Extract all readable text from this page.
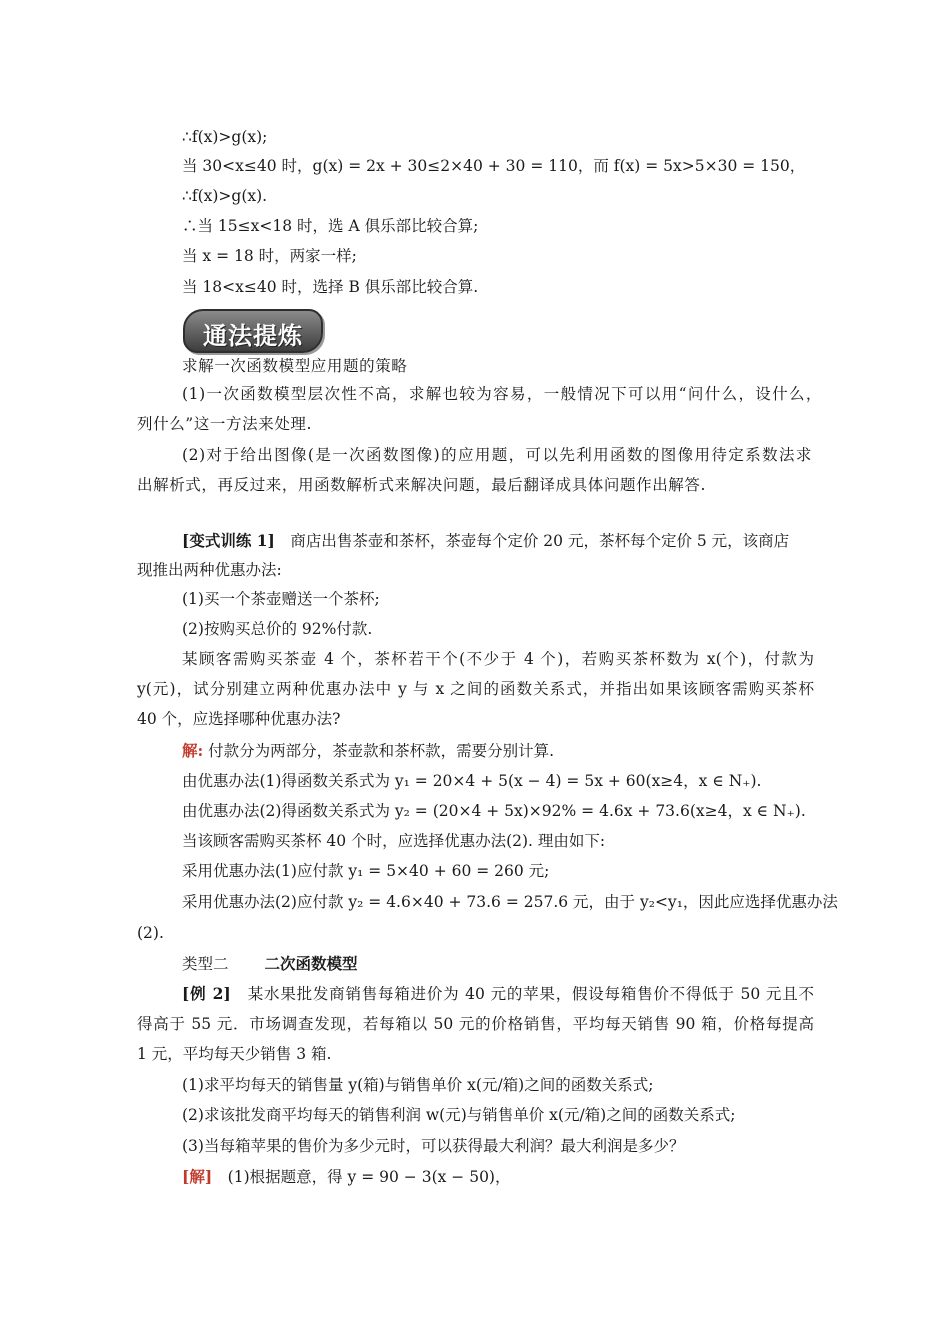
∴f(x)>g(x);
当 30<x≤40 时，g(x) = 2x + 30≤2×40 + 30 = 110，而 f(x) = 5x>5×30 = 150，
∴f(x)>g(x).
∴当 15≤x<18 时，选 A 俱乐部比较合算;
当 x = 18 时，两家一样;
当 18<x≤40 时，选择 B 俱乐部比较合算.
通法提炼
求解一次函数模型应用题的策略
(1)一次函数模型层次性不高，求解也较为容易，一般情况下可以用“问什么，设什么，
列什么”这一方法来处理.
(2)对于给出图像(是一次函数图像)的应用题，可以先利用函数的图像用待定系数法求
出解析式，再反过来，用函数解析式来解决问题，最后翻译成具体问题作出解答.
[变式训练 1]　商店出售茶壶和茶杯，茶壶每个定价 20 元，茶杯每个定价 5 元，该商店
现推出两种优惠办法:
(1)买一个茶壶赠送一个茶杯;
(2)按购买总价的 92%付款.
某顾客需购买茶壶 4 个，茶杯若干个(不少于 4 个)，若购买茶杯数为 x(个)，付款为
y(元)，试分别建立两种优惠办法中 y 与 x 之间的函数关系式，并指出如果该顾客需购买茶杯
40 个，应选择哪种优惠办法?
解: 付款分为两部分，茶壶款和茶杯款，需要分别计算.
由优惠办法(1)得函数关系式为 y₁ = 20×4 + 5(x − 4) = 5x + 60(x≥4，x ∈ N₊).
由优惠办法(2)得函数关系式为 y₂ = (20×4 + 5x)×92% = 4.6x + 73.6(x≥4，x ∈ N₊).
当该顾客需购买茶杯 40 个时，应选择优惠办法(2). 理由如下:
采用优惠办法(1)应付款 y₁ = 5×40 + 60 = 260 元;
采用优惠办法(2)应付款 y₂ = 4.6×40 + 73.6 = 257.6 元，由于 y₂<y₁，因此应选择优惠办法
(2).
类型二 二次函数模型
[例 2]　某水果批发商销售每箱进价为 40 元的苹果，假设每箱售价不得低于 50 元且不
得高于 55 元．市场调查发现，若每箱以 50 元的价格销售，平均每天销售 90 箱，价格每提高
1 元，平均每天少销售 3 箱.
(1)求平均每天的销售量 y(箱)与销售单价 x(元/箱)之间的函数关系式;
(2)求该批发商平均每天的销售利润 w(元)与销售单价 x(元/箱)之间的函数关系式;
(3)当每箱苹果的售价为多少元时，可以获得最大利润？最大利润是多少？
[解]　(1)根据题意，得 y = 90 − 3(x − 50)，
